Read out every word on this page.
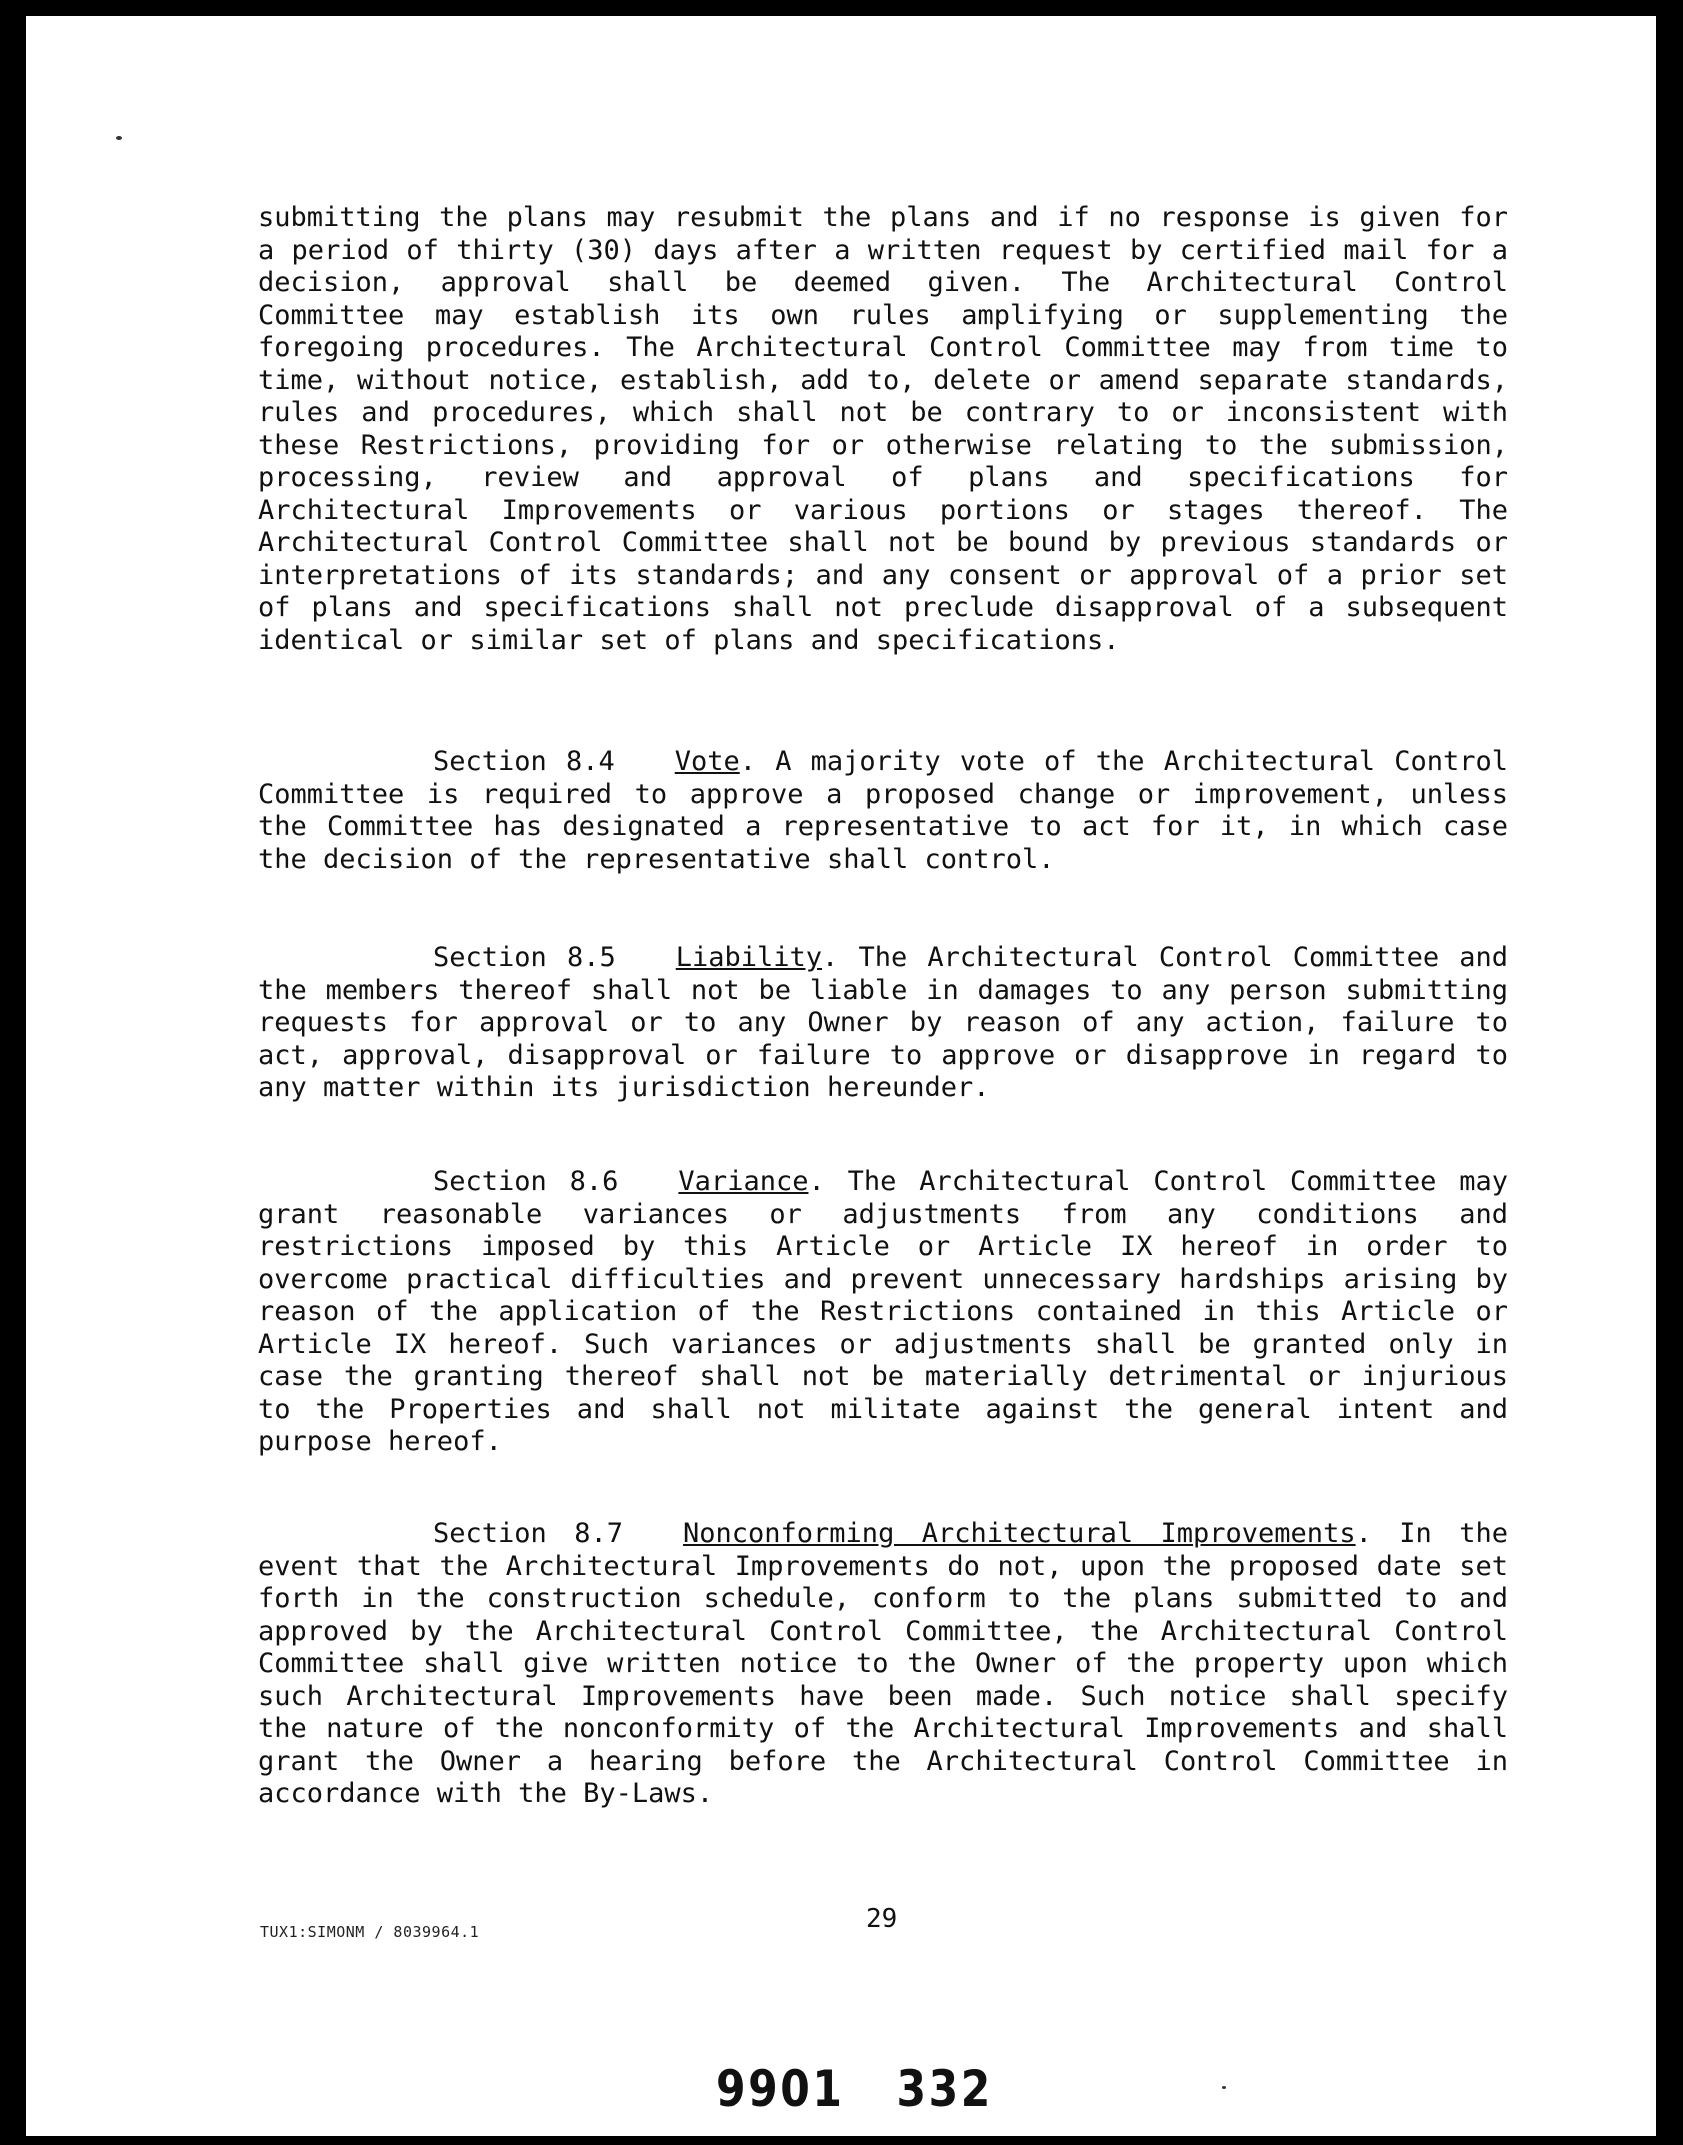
submitting the plans may resubmit the plans and if no response is given for a period of thirty (30) days after a written request by certified mail for a decision, approval shall be deemed given. The Architectural Control Committee may establish its own rules amplifying or supplementing the foregoing procedures. The Architectural Control Committee may from time to time, without notice, establish, add to, delete or amend separate standards, rules and procedures, which shall not be contrary to or inconsistent with these Restrictions, providing for or otherwise relating to the submission, processing, review and approval of plans and specifications for Architectural Improvements or various portions or stages thereof. The Architectural Control Committee shall not be bound by previous standards or interpretations of its standards; and any consent or approval of a prior set of plans and specifications shall not preclude disapproval of a subsequent identical or similar set of plans and specifications.

Section 8.4 Vote. A majority vote of the Architectural Control Committee is required to approve a proposed change or improvement, unless the Committee has designated a representative to act for it, in which case the decision of the representative shall control.

Section 8.5 Liability. The Architectural Control Committee and the members thereof shall not be liable in damages to any person submitting requests for approval or to any Owner by reason of any action, failure to act, approval, disapproval or failure to approve or disapprove in regard to any matter within its jurisdiction hereunder.

Section 8.6 Variance. The Architectural Control Committee may grant reasonable variances or adjustments from any conditions and restrictions imposed by this Article or Article IX hereof in order to overcome practical difficulties and prevent unnecessary hardships arising by reason of the application of the Restrictions contained in this Article or Article IX hereof. Such variances or adjustments shall be granted only in case the granting thereof shall not be materially detrimental or injurious to the Properties and shall not militate against the general intent and purpose hereof.

Section 8.7 Nonconforming Architectural Improvements. In the event that the Architectural Improvements do not, upon the proposed date set forth in the construction schedule, conform to the plans submitted to and approved by the Architectural Control Committee, the Architectural Control Committee shall give written notice to the Owner of the property upon which such Architectural Improvements have been made. Such notice shall specify the nature of the nonconformity of the Architectural Improvements and shall grant the Owner a hearing before the Architectural Control Committee in accordance with the By-Laws.

TUX1:SIMONM / 8039964.1	29
9901   332
